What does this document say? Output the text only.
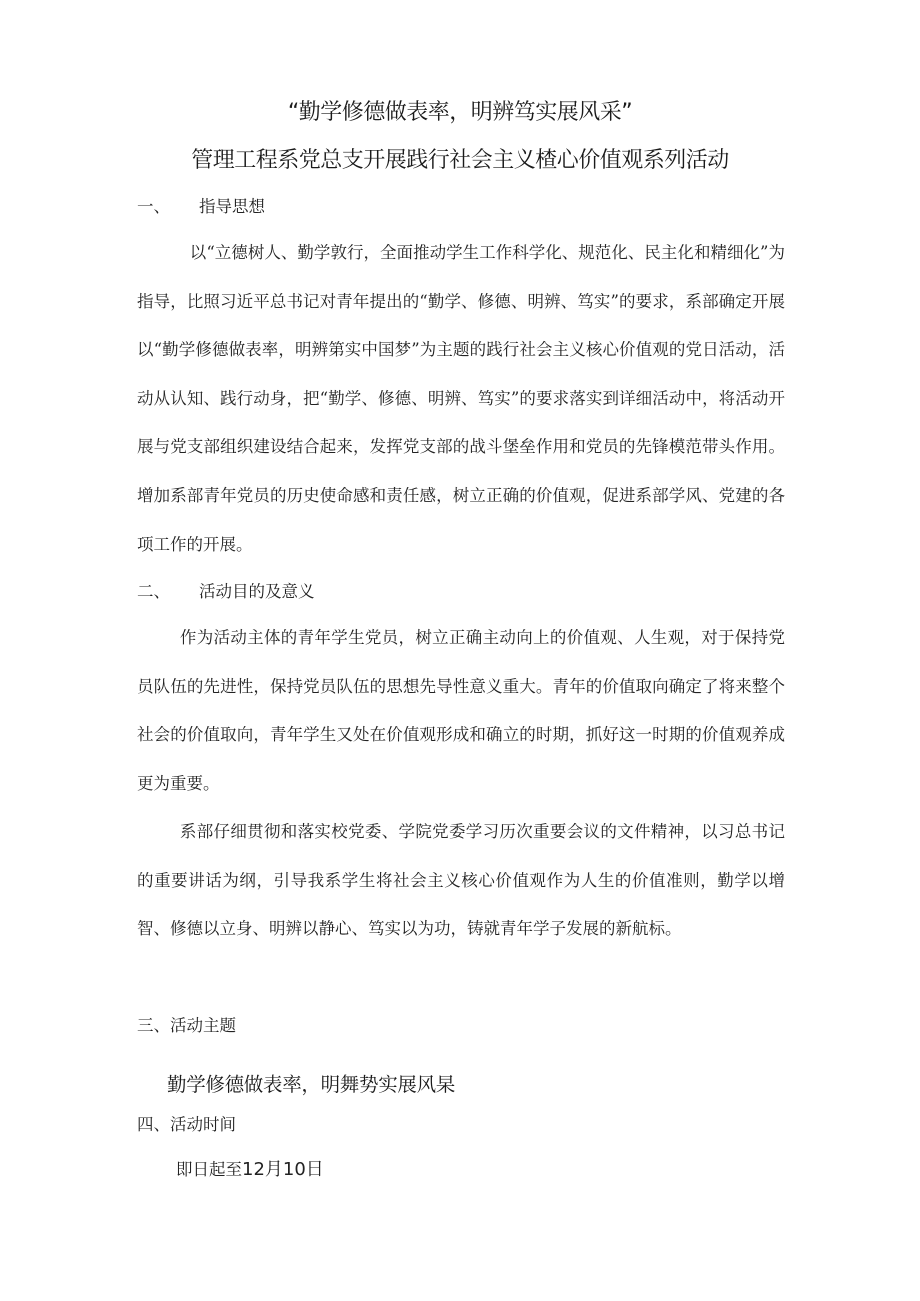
“勤学修德做表率，明辨笃实展风采”
管理工程系党总支开展践行社会主义楂心价值观系列活动
一、 指导思想
以“立德树人、勤学敦行，全面推动学生工作科学化、规范化、民主化和精细化”为指导，比照习近平总书记对青年提出的“勤学、修德、明辨、笃实”的要求，系部确定开展以“勤学修德做表率，明辨第实中国梦”为主题的践行社会主义核心价值观的党日活动，活动从认知、践行动身，把“勤学、修德、明辨、笃实”的要求落实到详细活动中，将活动开展与党支部组织建设结合起来，发挥党支部的战斗堡垒作用和党员的先锋模范带头作用。增加系部青年党员的历史使命感和责任感，树立正确的价值观，促进系部学风、党建的各项工作的开展。
二、 活动目的及意义
作为活动主体的青年学生党员，树立正确主动向上的价值观、人生观，对于保持党员队伍的先进性，保持党员队伍的思想先导性意义重大。青年的价值取向确定了将来整个社会的价值取向，青年学生又处在价值观形成和确立的时期，抓好这一时期的价值观养成更为重要。
系部仔细贯彻和落实校党委、学院党委学习历次重要会议的文件精神，以习总书记的重要讲话为纲，引导我系学生将社会主义核心价值观作为人生的价值准则，勤学以增智、修德以立身、明辨以静心、笃实以为功，铸就青年学子发展的新航标。
三、活动主题
勤学修德做表率，明舞势实展风杲
四、活动时间
即日起至12月10日
